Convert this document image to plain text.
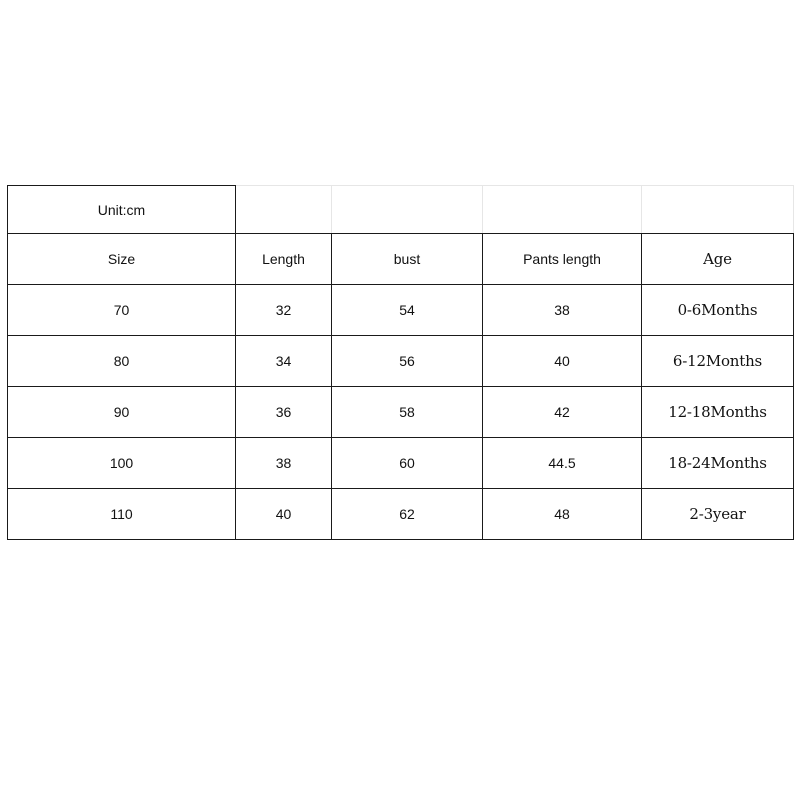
Unit:cm				
Size	Length	bust	Pants length	Age
70	32	54	38	0-6Months
80	34	56	40	6-12Months
90	36	58	42	12-18Months
100	38	60	44.5	18-24Months
110	40	62	48	2-3year
